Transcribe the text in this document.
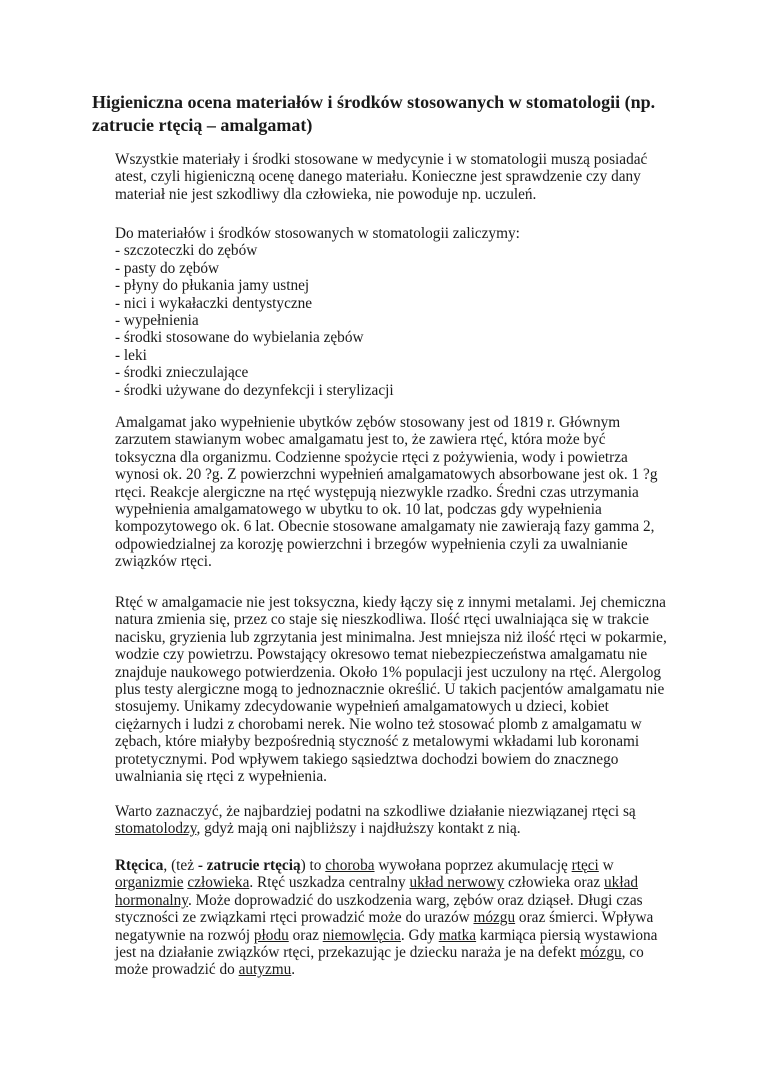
Higieniczna ocena materiałów i środków stosowanych w stomatologii (np.
zatrucie rtęcią – amalgamat)
Wszystkie materiały i środki stosowane w medycynie i w stomatologii muszą posiadać
atest, czyli higieniczną ocenę danego materiału. Konieczne jest sprawdzenie czy dany
materiał nie jest szkodliwy dla człowieka, nie powoduje np. uczuleń.
Do materiałów i środków stosowanych w stomatologii zaliczymy:
- szczoteczki do zębów
- pasty do zębów
- płyny do płukania jamy ustnej
- nici i wykałaczki dentystyczne
- wypełnienia
- środki stosowane do wybielania zębów
- leki
- środki znieczulające
- środki używane do dezynfekcji i sterylizacji
Amalgamat jako wypełnienie ubytków zębów stosowany jest od 1819 r. Głównym
zarzutem stawianym wobec amalgamatu jest to, że zawiera rtęć, która może być
toksyczna dla organizmu. Codzienne spożycie rtęci z pożywienia, wody i powietrza
wynosi ok. 20 ?g. Z powierzchni wypełnień amalgamatowych absorbowane jest ok. 1 ?g
rtęci. Reakcje alergiczne na rtęć występują niezwykle rzadko. Średni czas utrzymania
wypełnienia amalgamatowego w ubytku to ok. 10 lat, podczas gdy wypełnienia
kompozytowego ok. 6 lat. Obecnie stosowane amalgamaty nie zawierają fazy gamma 2,
odpowiedzialnej za korozję powierzchni i brzegów wypełnienia czyli za uwalnianie
związków rtęci.
Rtęć w amalgamacie nie jest toksyczna, kiedy łączy się z innymi metalami. Jej chemiczna
natura zmienia się, przez co staje się nieszkodliwa. Ilość rtęci uwalniająca się w trakcie
nacisku, gryzienia lub zgrzytania jest minimalna. Jest mniejsza niż ilość rtęci w pokarmie,
wodzie czy powietrzu. Powstający okresowo temat niebezpieczeństwa amalgamatu nie
znajduje naukowego potwierdzenia. Około 1% populacji jest uczulony na rtęć. Alergolog
plus testy alergiczne mogą to jednoznacznie określić. U takich pacjentów amalgamatu nie
stosujemy. Unikamy zdecydowanie wypełnień amalgamatowych u dzieci, kobiet
ciężarnych i ludzi z chorobami nerek. Nie wolno też stosować plomb z amalgamatu w
zębach, które miałyby bezpośrednią styczność z metalowymi wkładami lub koronami
protetycznymi. Pod wpływem takiego sąsiedztwa dochodzi bowiem do znacznego
uwalniania się rtęci z wypełnienia.
Warto zaznaczyć, że najbardziej podatni na szkodliwe działanie niezwiązanej rtęci są
stomatolodzy, gdyż mają oni najbliższy i najdłuższy kontakt z nią.
Rtęcica, (też - zatrucie rtęcią) to choroba wywołana poprzez akumulację rtęci w
organizmie człowieka. Rtęć uszkadza centralny układ nerwowy człowieka oraz układ
hormonalny. Może doprowadzić do uszkodzenia warg, zębów oraz dziąseł. Długi czas
styczności ze związkami rtęci prowadzić może do urazów mózgu oraz śmierci. Wpływa
negatywnie na rozwój płodu oraz niemowlęcia. Gdy matka karmiąca piersią wystawiona
jest na działanie związków rtęci, przekazując je dziecku naraża je na defekt mózgu, co
może prowadzić do autyzmu.
